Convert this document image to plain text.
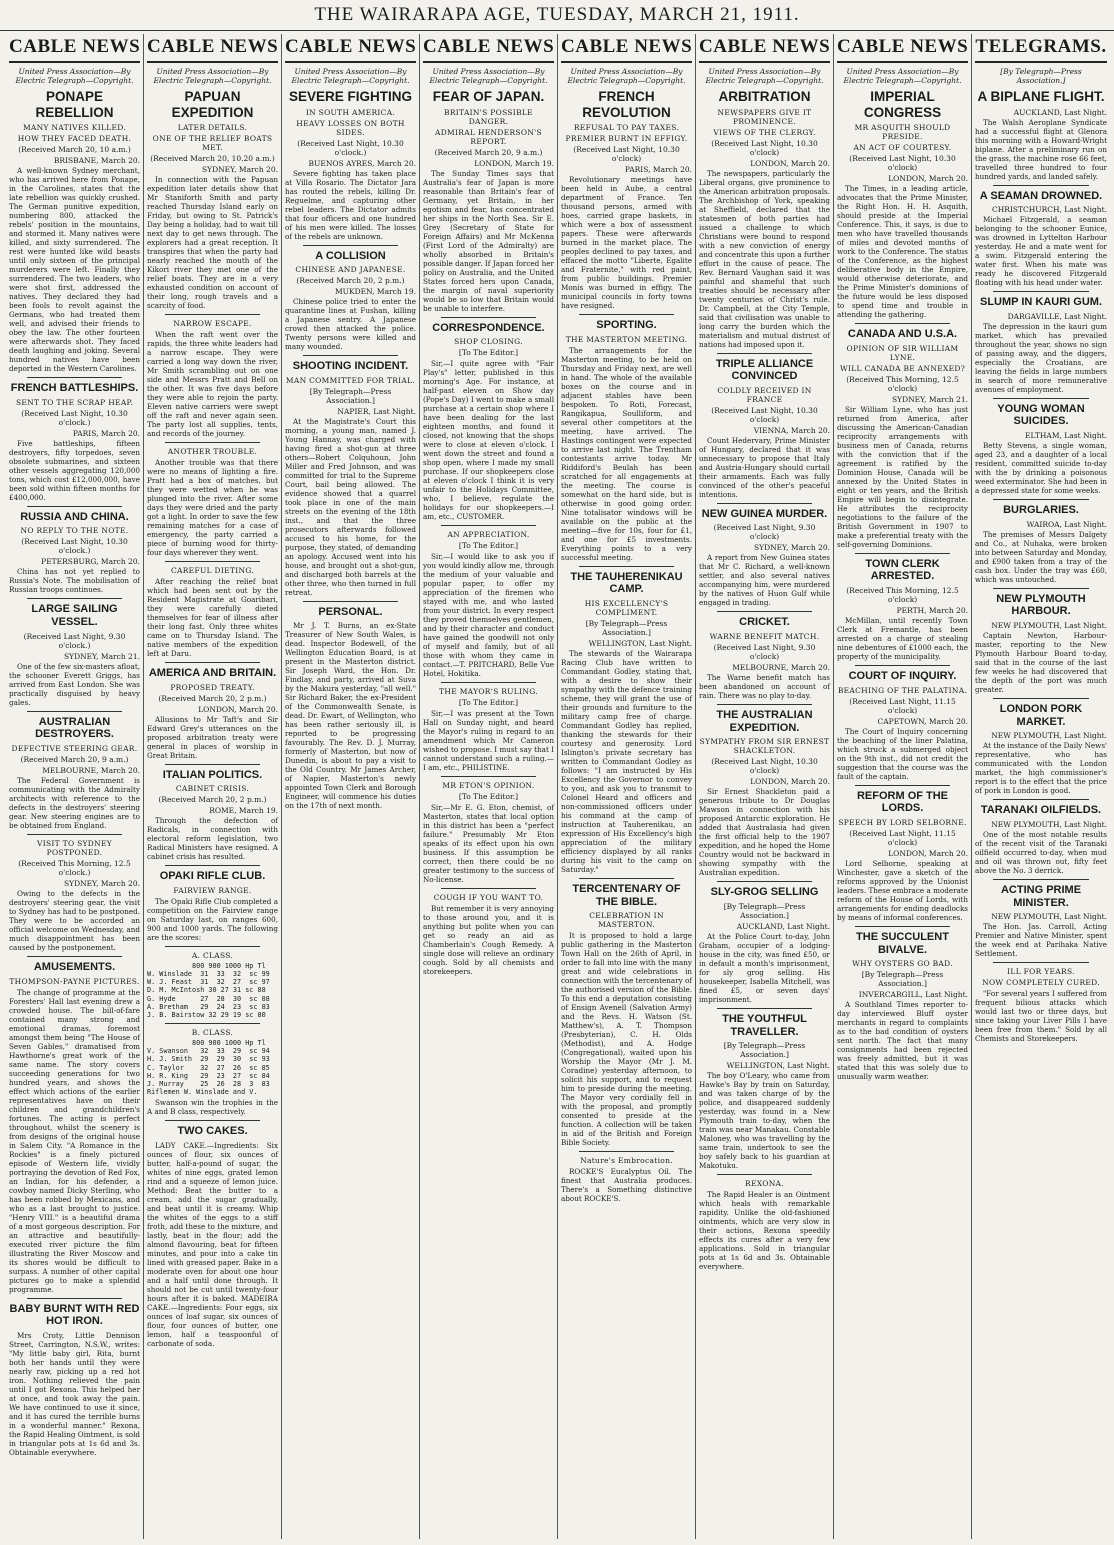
THE WAIRARAPA AGE, TUESDAY, MARCH 21, 1911.
CABLE NEWS
United Press Association—By Electric Telegraph—Copyright.
PONAPE REBELLION
MANY NATIVES KILLED.
HOW THEY FACED DEATH.
(Received March 20, 10 a.m.)
BRISBANE, March 20.
A well-known Sydney merchant, who has arrived here from Ponape, in the Carolines, states that the late rebellion was quickly crushed. The German punitive expedition, numbering 800, attacked the rebels' position in the mountains, and stormed it. Many natives were killed, and sixty surrendered. The rest were hunted like wild beasts until only sixteen of the principal murderers were left. Finally they surrendered. The two leaders, who were shot first, addressed the natives. They declared they had been fools to revolt against the Germans, who had treated them well, and advised their friends to obey the law. The other fourteen were afterwards shot. They faced death laughing and joking. Several hundred natives have been deported in the Western Carolines.
FRENCH BATTLESHIPS.
SENT TO THE SCRAP HEAP.
(Received Last Night, 10.30 o'clock.)
PARIS, March 20.
Five battleships, fifteen destroyers, fifty torpedoes, seven obsolete submarines, and sixteen other vessels aggregating 120,000 tons, which cost £12,000,000, have been sold within fifteen months for £400,000.
RUSSIA AND CHINA.
NO REPLY TO THE NOTE.
(Received Last Night, 10.30 o'clock.)
PETERSBURG, March 20.
China has not yet replied to Russia's Note. The mobilisation of Russian troops continues.
LARGE SAILING VESSEL.
(Received Last Night, 9.30 o'clock.)
SYDNEY, March 21.
One of the few six-masters afloat, the schooner Everett Griggs, has arrived from East London. She was practically disguised by heavy gales.
AUSTRALIAN DESTROYERS.
DEFECTIVE STEERING GEAR.
(Received March 20, 9 a.m.)
MELBOURNE, March 20.
The Federal Government is communicating with the Admiralty architects with reference to the defects in the destroyers' steering gear. New steering engines are to be obtained from England.
VISIT TO SYDNEY POSTPONED.
(Received This Morning, 12.5 o'clock.)
SYDNEY, March 20.
Owing to the defects in the destroyers' steering gear, the visit to Sydney has had to be postponed. They were to be accorded an official welcome on Wednesday, and much disappointment has been caused by the postponement.
AMUSEMENTS.
THOMPSON-PAYNE PICTURES.
The change of programme at the Foresters' Hall last evening drew a crowded house. The bill-of-fare contained many strong and emotional dramas, foremost amongst them being "The House of Seven Gables," dramatised from Hawthorne's great work of the same name. The story covers succeeding generations for two hundred years, and shows the effect which actions of the earlier representatives have on their children and grandchildren's fortunes. The acting is perfect throughout, whilst the scenery is from designs of the original house in Salem City. "A Romance in the Rockies" is a finely pictured episode of Western life, vividly portraying the devotion of Red Fox, an Indian, for his defender, a cowboy named Dicky Sterling, who has been robbed by Mexicans, and who as a last brought to justice. "Henry VIII." is a beautiful drama of a most gorgeous description. For an attractive and beautifully-executed river picture the film illustrating the River Moscow and its shores would be difficult to surpass. A number of other capital pictures go to make a splendid programme.
BABY BURNT WITH RED HOT IRON.
Mrs Croty, Little Dennison Street, Carrington, N.S.W., writes: "My little baby girl, Rita, burnt both her hands until they were nearly raw, picking up a red hot iron. Nothing relieved the pain until I got Rexona. This helped her at once, and took away the pain. We have continued to use it since, and it has cured the terrible burns in a wonderful manner." Rexona, the Rapid Healing Ointment, is sold in triangular pots at 1s 6d and 3s. Obtainable everywhere.
CABLE NEWS
United Press Association—By Electric Telegraph—Copyright.
PAPUAN EXPEDITION
LATER DETAILS.
ONE OF THE RELIEF BOATS MET.
(Received March 20, 10.20 a.m.)
SYDNEY, March 20.
In connection with the Papuan expedition later details show that Mr Staniforth Smith and party reached Thursday Island early on Friday, but owing to St. Patrick's Day being a holiday, had to wait till next day to get news through. The explorers had a great reception. It transpires that when the party had nearly reached the mouth of the Kikori river they met one of the relief boats. They are in a very exhausted condition on account of their long, rough travels and a scarcity of food.
NARROW ESCAPE.
When the raft went over the rapids, the three white leaders had a narrow escape. They were carried a long way down the river, Mr Smith scrambling out on one side and Messrs Pratt and Bell on the other. It was five days before they were able to rejoin the party. Eleven native carriers were swept off the raft and never again seen. The party lost all supplies, tents, and records of the journey.
ANOTHER TROUBLE.
Another trouble was that there were no means of lighting a fire. Pratt had a box of matches, but they were wetted when he was plunged into the river. After some days they were dried and the party got a light. In order to save the few remaining matches for a case of emergency, the party carried a piece of burning wood for thirty-four days wherever they went.
CAREFUL DIETING.
After reaching the relief boat which had been sent out by the Resident Magistrate at Goaribari, they were carefully dieted themselves for fear of illness after their long fast. Only three whites came on to Thursday Island. The native members of the expedition left at Daru.
AMERICA AND BRITAIN.
PROPOSED TREATY.
(Received March 20, 2 p.m.)
LONDON, March 20.
Allusions to Mr Taft's and Sir Edward Grey's utterances on the proposed arbitration treaty were general in places of worship in Great Britain.
ITALIAN POLITICS.
CABINET CRISIS.
(Received March 20, 2 p.m.)
ROME, March 19.
Through the defection of Radicals, in connection with electoral reform legislation, two Radical Ministers have resigned. A cabinet crisis has resulted.
OPAKI RIFLE CLUB.
FAIRVIEW RANGE.
The Opaki Rifle Club completed a competition on the Fairview range on Saturday last, on ranges 600, 900 and 1000 yards. The following are the scores:
A. CLASS.
800 900 1000 Hp Tl
W. Winslade  31  33  32  sc 99
W. J. Feast  31  32  27  sc 97
D. M. McIntosh 30 27 31 sc 88
G. Hyde      27  28  30  sc 88
A. Bretham   29  24  23  sc 83
J. B. Bairstow 32 29 19 sc 80
B. CLASS.
800 900 1000 Hp Tl
V. Swanson   32  33  29  sc 94
H. J. Smith  29  29  30  sc 93
C. Taylor    32  27  26  sc 85
H. R. King   29  23  27  sc 84
J. Murray    25  26  28  3  83
Riflemen W. Winslade and V.
Swanson win the trophies in the A and B class, respectively.
TWO CAKES.
LADY CAKE.—Ingredients: Six ounces of flour, six ounces of butter, half-a-pound of sugar, the whites of nine eggs, grated lemon rind and a squeeze of lemon juice. Method: Beat the butter to a cream, add the sugar gradually, and beat until it is creamy. Whip the whites of the eggs to a stiff froth, add these to the mixture, and lastly, beat in the flour; add the almond flavouring, beat for fifteen minutes, and pour into a cake tin lined with greased paper. Bake in a moderate oven for about one hour and a half until done through. It should not be cut until twenty-four hours after it is baked. MADEIRA CAKE.—Ingredients: Four eggs, six ounces of loaf sugar, six ounces of flour, four ounces of butter, one lemon, half a teaspoonful of carbonate of soda.
CABLE NEWS
United Press Association—By Electric Telegraph—Copyright.
SEVERE FIGHTING
IN SOUTH AMERICA.
HEAVY LOSSES ON BOTH SIDES.
(Received Last Night, 10.30 o'clock.)
BUENOS AYRES, March 20.
Severe fighting has taken place at Villa Rosario. The Dictator Jara has routed the rebels, killing Dr. Reguelme, and capturing other rebel leaders. The Dictator admits that four officers and one hundred of his men were killed. The losses of the rebels are unknown.
A COLLISION
CHINESE AND JAPANESE.
(Received March 20, 2 p.m.)
MUKDEN, March 19.
Chinese police tried to enter the quarantine lines at Fushan, killing a Japanese sentry. A Japanese crowd then attacked the police. Twenty persons were killed and many wounded.
SHOOTING INCIDENT.
MAN COMMITTED FOR TRIAL.
[By Telegraph—Press Association.]
NAPIER, Last Night.
At the Magistrate's Court this morning, a young man, named J. Young Hannay, was charged with having fired a shot-gun at three others—Robert Colquhoun, John Miller and Fred Johnson, and was committed for trial to the Supreme Court, bail being allowed. The evidence showed that a quarrel took place in one of the main streets on the evening of the 18th inst., and that the three prosecutors afterwards followed accused to his home, for the purpose, they stated, of demanding an apology. Accused went into his house, and brought out a shot-gun, and discharged both barrels at the other three, who then turned in full retreat.
PERSONAL.
Mr J. T. Burns, an ex-State Treasurer of New South Wales, is dead. Inspector Bodewell, of the Wellington Education Board, is at present in the Masterton district. Sir Joseph Ward, the Hon. Dr. Findlay, and party, arrived at Suva by the Makura yesterday, "all well." Sir Richard Baker, the ex-President of the Commonwealth Senate, is dead. Dr. Ewart, of Wellington, who has been rather seriously ill, is reported to be progressing favourably. The Rev. D. J. Murray, formerly of Masterton, but now of Dunedin, is about to pay a visit to the Old Country. Mr James Archer, of Napier, Masterton's newly appointed Town Clerk and Borough Engineer, will commence his duties on the 17th of next month.
CABLE NEWS
United Press Association—By Electric Telegraph—Copyright.
FEAR OF JAPAN.
BRITAIN'S POSSIBLE DANGER.
ADMIRAL HENDERSON'S REPORT.
(Received March 20, 9 a.m.)
LONDON, March 19.
The Sunday Times says that Australia's fear of Japan is more reasonable than Britain's fear of Germany, yet Britain, in her egotism and fear, has concentrated her ships in the North Sea. Sir E. Grey (Secretary of State for Foreign Affairs) and Mr McKenna (First Lord of the Admiralty) are wholly absorbed in Britain's possible danger. If Japan forced her policy on Australia, and the United States forced hers upon Canada, the margin of naval superiority would be so low that Britain would be unable to interfere.
CORRESPONDENCE.
SHOP CLOSING.
[To The Editor.]
Sir,—I quite agree with "Fair Play's" letter, published in this morning's Age. For instance, at half-past eleven on Show day (Pope's Day) I went to make a small purchase at a certain shop where I have been dealing for the last eighteen months, and found it closed, not knowing that the shops were to close at eleven o'clock. I went down the street and found a shop open, where I made my small purchase. If our shopkeepers close at eleven o'clock I think it is very unfair to the Holidays Committee, who, I believe, regulate the holidays for our shopkeepers.—I am, etc., CUSTOMER.
AN APPRECIATION.
[To The Editor.]
Sir,—I would like to ask you if you would kindly allow me, through the medium of your valuable and popular paper, to offer my appreciation of the firemen who stayed with me, and who lasted from your district. In every respect they proved themselves gentlemen, and by their character and conduct have gained the goodwill not only of myself and family, but of all those with whom they came in contact.—T. PRITCHARD, Belle Vue Hotel, Hokitika.
THE MAYOR'S RULING.
[To The Editor.]
Sir,—I was present at the Town Hall on Sunday night, and heard the Mayor's ruling in regard to an amendment which Mr Cameron wished to propose. I must say that I cannot understand such a ruling.—I am, etc., PHILISTINE.
MR ETON'S OPINION.
[To The Editor.]
Sir,—Mr E. G. Eton, chemist, of Masterton, states that local option in this district has been a "perfect failure." Presumably Mr Eton speaks of its effect upon his own business. If this assumption be correct, then there could be no greater testimony to the success of No-license.
COUGH IF YOU WANT TO.
But remember it is very annoying to those around you, and it is anything but polite when you can get so ready an aid as Chamberlain's Cough Remedy. A single dose will relieve an ordinary cough. Sold by all chemists and storekeepers.
CABLE NEWS
United Press Association—By Electric Telegraph—Copyright.
FRENCH REVOLUTION
REFUSAL TO PAY TAXES.
PREMIER BURNT IN EFFIGY.
(Received Last Night, 10.30 o'clock)
PARIS, March 20.
Revolutionary meetings have been held in Aube, a central department of France. Ten thousand persons, armed with hoes, carried grape baskets, in which were a box of assessment papers. These were afterwards burned in the market place. The peoples declined to pay taxes, and effaced the motto "Liberte, Egalite and Fraternite," with red paint, from public buildings. Premier Monis was burned in effigy. The municipal councils in forty towns have resigned.
SPORTING.
THE MASTERTON MEETING.
The arrangements for the Masterton meeting, to be held on Thursday and Friday next, are well in hand. The whole of the available boxes on the course and in adjacent stables have been bespoken. To Roti, Forecast, Rangikapua, Soulliform, and several other competitors at the meeting, have arrived. The Hastings contingent were expected to arrive last night. The Trentham contestants arrive today. Mr Riddiford's Beulah has been scratched for all engagements at the meeting. The course is somewhat on the hard side, but is otherwise in good going order. Nine totalisator windows will be available on the public at the meeting—five for 10s, four for £1, and one for £5 investments. Everything points to a very successful meeting.
THE TAUHERENIKAU CAMP.
HIS EXCELLENCY'S COMPLIMENT.
[By Telegraph—Press Association.]
WELLINGTON, Last Night.
The stewards of the Wairarapa Racing Club have written to Commandant Godley, stating that, with a desire to show their sympathy with the defence training scheme, they will grant the use of their grounds and furniture to the military camp free of charge. Commandant Godley has replied, thanking the stewards for their courtesy and generosity. Lord Islington's private secretary has written to Commandant Godley as follows: "I am instructed by His Excellency the Governor to convey to you, and ask you to transmit to Colonel Heard and officers and non-commissioned officers under his command at the camp of instruction at Tauherenikau, an expression of His Excellency's high appreciation of the military efficiency displayed by all ranks during his visit to the camp on Saturday."
TERCENTENARY OF THE BIBLE.
CELEBRATION IN MASTERTON.
It is proposed to hold a large public gathering in the Masterton Town Hall on the 26th of April, in order to fall into line with the many great and wide celebrations in connection with the tercentenary of the authorised version of the Bible. To this end a deputation consisting of Ensign Avenell (Salvation Army) and the Revs. H. Watson (St. Matthew's), A. T. Thompson (Presbyterian), C. H. Olds (Methodist), and A. Hodge (Congregational), waited upon his Worship the Mayor (Mr J. M. Coradine) yesterday afternoon, to solicit his support, and to request him to preside during the meeting. The Mayor very cordially fell in with the proposal, and promptly consented to preside at the function. A collection will be taken in aid of the British and Foreign Bible Society.
Nature's Embrocation.
ROCKE'S Eucalyptus Oil. The finest that Australia produces. There's a Something distinctive about ROCKE'S.
CABLE NEWS
United Press Association—By Electric Telegraph—Copyright.
ARBITRATION
NEWSPAPERS GIVE IT PROMINENCE.
VIEWS OF THE CLERGY.
(Received Last Night, 10.30 o'clock)
LONDON, March 20.
The newspapers, particularly the Liberal organs, give prominence to the American arbitration proposals. The Archbishop of York, speaking at Sheffield, declared that the statesmen of both parties had issued a challenge to which Christians were bound to respond with a new conviction of energy and concentrate this upon a further effort in the cause of peace. The Rev. Bernard Vaughan said it was painful and shameful that such treaties should be necessary after twenty centuries of Christ's rule. Dr. Campbell, at the City Temple, said that civilisation was unable to long carry the burden which the materialism and mutual distrust of nations had imposed upon it.
TRIPLE ALLIANCE CONVINCED
COLDLY RECEIVED IN FRANCE
(Received Last Night, 10.30 o'clock)
VIENNA, March 20.
Count Hedervary, Prime Minister of Hungary, declared that it was unnecessary to propose that Italy and Austria-Hungary should curtail their armaments. Each was fully convinced of the other's peaceful intentions.
NEW GUINEA MURDER.
(Received Last Night, 9.30 o'clock)
SYDNEY, March 20.
A report from New Guinea states that Mr C. Richard, a well-known settler, and also several natives accompanying him, were murdered by the natives of Huon Gulf while engaged in trading.
CRICKET.
WARNE BENEFIT MATCH.
(Received Last Night, 9.30 o'clock)
MELBOURNE, March 20.
The Warne benefit match has been abandoned on account of rain. There was no play to-day.
THE AUSTRALIAN EXPEDITION.
SYMPATHY FROM SIR ERNEST SHACKLETON.
(Received Last Night, 10.30 o'clock)
LONDON, March 20.
Sir Ernest Shackleton paid a generous tribute to Dr Douglas Mawson in connection with his proposed Antarctic exploration. He added that Australasia had given the first official help to the 1907 expedition, and he hoped the Home Country would not be backward in showing sympathy with the Australian expedition.
SLY-GROG SELLING
[By Telegraph—Press Association.]
AUCKLAND, Last Night.
At the Police Court to-day, John Graham, occupier of a lodging-house in the city, was fined £50, or in default a month's imprisonment, for sly grog selling. His housekeeper, Isabella Mitchell, was fined £5, or seven days' imprisonment.
THE YOUTHFUL TRAVELLER.
[By Telegraph—Press Association.]
WELLINGTON, Last Night.
The boy O'Leary, who came from Hawke's Bay by train on Saturday, and was taken charge of by the police, and disappeared suddenly yesterday, was found in a New Plymouth train to-day, when the train was near Manakau. Constable Maloney, who was travelling by the same train, undertook to see the boy safely back to his guardian at Makotuku.
REXONA.
The Rapid Healer is an Ointment which heals with remarkable rapidity. Unlike the old-fashioned ointments, which are very slow in their actions, Rexona speedily effects its cures after a very few applications. Sold in triangular pots at 1s 6d and 3s. Obtainable everywhere.
CABLE NEWS
United Press Association—By Electric Telegraph—Copyright.
IMPERIAL CONGRESS
MR ASQUITH SHOULD PRESIDE.
AN ACT OF COURTESY.
(Received Last Night, 10.30 o'clock)
LONDON, March 20.
The Times, in a leading article, advocates that the Prime Minister, the Right Hon. H. H. Asquith, should preside at the Imperial Conference. This, it says, is due to men who have travelled thousands of miles and devoted months of work to the Conference. The status of the Conference, as the highest deliberative body in the Empire, would otherwise deteriorate, and the Prime Minister's dominions of the future would be less disposed to spend time and trouble in attending the gathering.
CANADA AND U.S.A.
OPINION OF SIR WILLIAM LYNE.
WILL CANADA BE ANNEXED?
(Received This Morning, 12.5 o'clock)
SYDNEY, March 21.
Sir William Lyne, who has just returned from America, after discussing the American-Canadian reciprocity arrangements with business men of Canada, returns with the conviction that if the agreement is ratified by the Dominion House, Canada will be annexed by the United States in eight or ten years, and the British Empire will begin to disintegrate. He attributes the reciprocity negotiations to the failure of the British Government in 1907 to make a preferential treaty with the self-governing Dominions.
TOWN CLERK ARRESTED.
(Received This Morning, 12.5 o'clock)
PERTH, March 20.
McMillan, until recently Town Clerk at Fremantle, has been arrested on a charge of stealing nine debentures of £1000 each, the property of the municipality.
COURT OF INQUIRY.
BEACHING OF THE PALATINA.
(Received Last Night, 11.15 o'clock)
CAPETOWN, March 20.
The Court of Inquiry concerning the beaching of the liner Palatina, which struck a submerged object on the 9th inst., did not credit the suggestion that the course was the fault of the captain.
REFORM OF THE LORDS.
SPEECH BY LORD SELBORNE.
(Received Last Night, 11.15 o'clock)
LONDON, March 20.
Lord Selborne, speaking at Winchester, gave a sketch of the reforms approved by the Unionist leaders. These embrace a moderate reform of the House of Lords, with arrangements for ending deadlocks by means of informal conferences.
THE SUCCULENT BIVALVE.
WHY OYSTERS GO BAD.
[By Telegraph—Press Association.]
INVERCARGILL, Last Night.
A Southland Times reporter to-day interviewed Bluff oyster merchants in regard to complaints as to the bad condition of oysters sent north. The fact that many consignments had been rejected was freely admitted, but it was stated that this was solely due to unusually warm weather.
TELEGRAMS.
[By Telegraph—Press Association.]
A BIPLANE FLIGHT.
AUCKLAND, Last Night.
The Walsh Aeroplane Syndicate had a successful flight at Glenora this morning with a Howard-Wright biplane. After a preliminary run on the grass, the machine rose 66 feet, travelled three hundred to four hundred yards, and landed safely.
A SEAMAN DROWNED.
CHRISTCHURCH, Last Night.
Michael Fitzgerald, a seaman belonging to the schooner Eunice, was drowned in Lyttelton Harbour yesterday. He and a mate went for a swim. Fitzgerald entering the water first. When his mate was ready he discovered Fitzgerald floating with his head under water.
SLUMP IN KAURI GUM.
DARGAVILLE, Last Night.
The depression in the kauri gum market, which has prevailed throughout the year, shows no sign of passing away, and the diggers, especially the Croatians, are leaving the fields in large numbers in search of more remunerative avenues of employment.
YOUNG WOMAN SUICIDES.
ELTHAM, Last Night.
Betty Stevens, a single woman, aged 23, and a daughter of a local resident, committed suicide to-day with the by drinking a poisonous weed exterminator. She had been in a depressed state for some weeks.
BURGLARIES.
WAIROA, Last Night.
The premises of Messrs Dalgety and Co., at Nuhaka, were broken into between Saturday and Monday, and £900 taken from a tray of the cash box. Under the tray was £60, which was untouched.
NEW PLYMOUTH HARBOUR.
NEW PLYMOUTH, Last Night.
Captain Newton, Harbour-master, reporting to the New Plymouth Harbour Board to-day, said that in the course of the last few weeks he had discovered that the depth of the port was much greater.
LONDON PORK MARKET.
NEW PLYMOUTH, Last Night.
At the instance of the Daily News' representative, who has communicated with the London market, the high commissioner's report is to the effect that the price of pork in London is good.
TARANAKI OILFIELDS.
NEW PLYMOUTH, Last Night.
One of the most notable results of the recent visit of the Taranaki oilfield occurred to-day, when mud and oil was thrown out, fifty feet above the No. 3 derrick.
ACTING PRIME MINISTER.
NEW PLYMOUTH, Last Night.
The Hon. Jas. Carroll, Acting Premier and Native Minister, spent the week end at Parihaka Native Settlement.
ILL FOR YEARS.
NOW COMPLETELY CURED.
"For several years I suffered from frequent bilious attacks which would last two or three days, but since taking your Liver Pills I have been free from them." Sold by all Chemists and Storekeepers.
